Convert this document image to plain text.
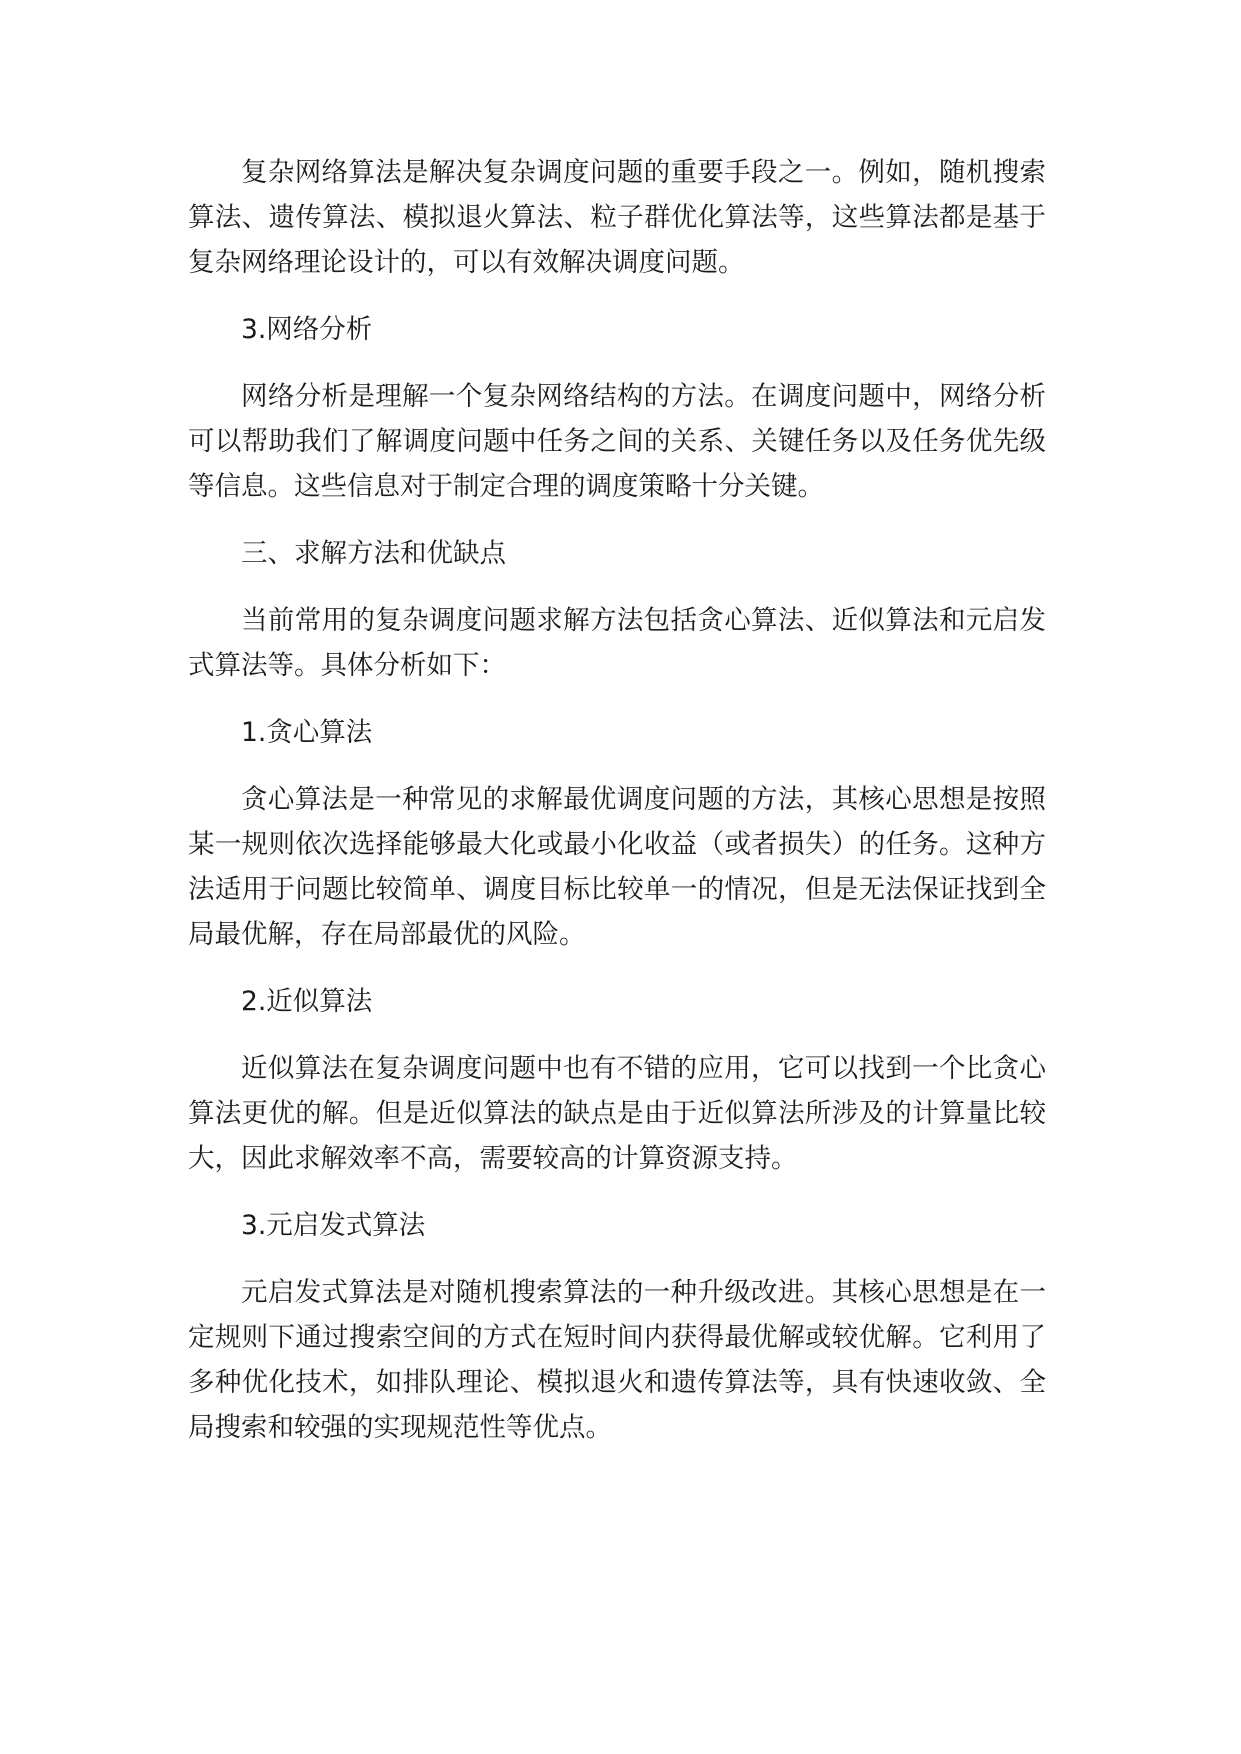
复杂网络算法是解决复杂调度问题的重要手段之一。例如，随机搜索算法、遗传算法、模拟退火算法、粒子群优化算法等，这些算法都是基于复杂网络理论设计的，可以有效解决调度问题。

3.网络分析

网络分析是理解一个复杂网络结构的方法。在调度问题中，网络分析可以帮助我们了解调度问题中任务之间的关系、关键任务以及任务优先级等信息。这些信息对于制定合理的调度策略十分关键。

三、求解方法和优缺点

当前常用的复杂调度问题求解方法包括贪心算法、近似算法和元启发式算法等。具体分析如下：

1.贪心算法

贪心算法是一种常见的求解最优调度问题的方法，其核心思想是按照某一规则依次选择能够最大化或最小化收益（或者损失）的任务。这种方法适用于问题比较简单、调度目标比较单一的情况，但是无法保证找到全局最优解，存在局部最优的风险。

2.近似算法

近似算法在复杂调度问题中也有不错的应用，它可以找到一个比贪心算法更优的解。但是近似算法的缺点是由于近似算法所涉及的计算量比较大，因此求解效率不高，需要较高的计算资源支持。

3.元启发式算法

元启发式算法是对随机搜索算法的一种升级改进。其核心思想是在一定规则下通过搜索空间的方式在短时间内获得最优解或较优解。它利用了多种优化技术，如排队理论、模拟退火和遗传算法等，具有快速收敛、全局搜索和较强的实现规范性等优点。
